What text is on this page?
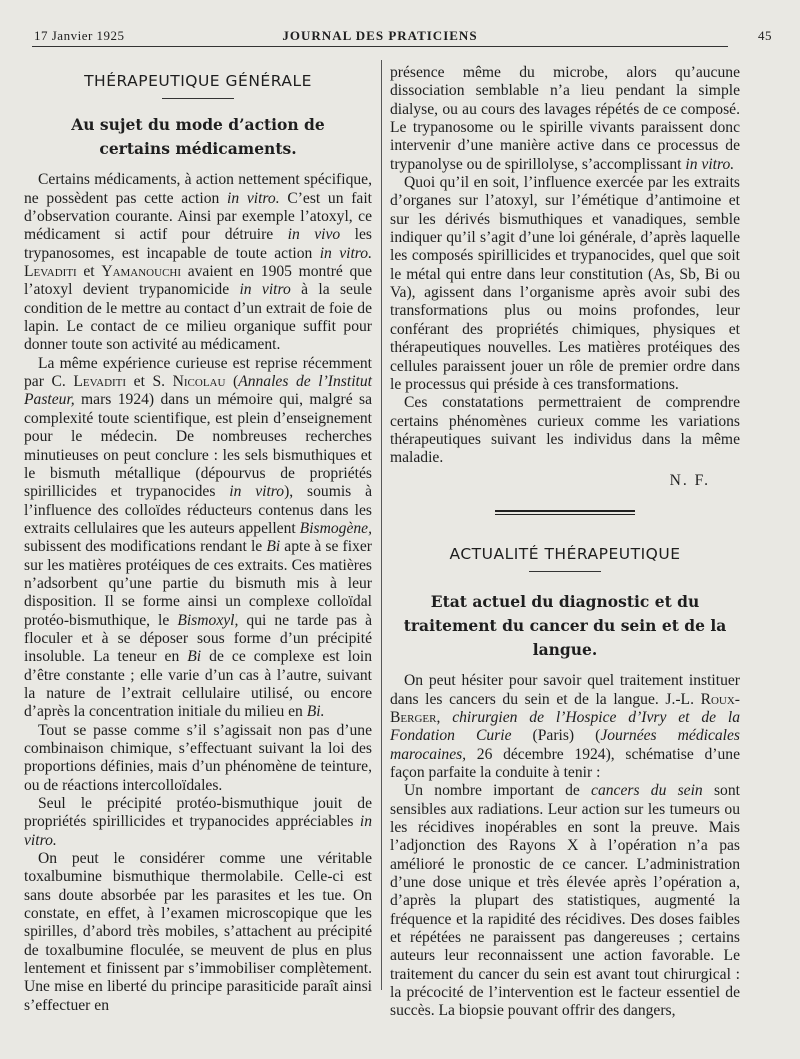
17 Janvier 1925	JOURNAL DES PRATICIENS	45
THÉRAPEUTIQUE GÉNÉRALE
Au sujet du mode d’action de certains médicaments.

Certains médicaments, à action nettement spécifique, ne possèdent pas cette action in vitro. C’est un fait d’observation courante. Ainsi par exemple l’atoxyl, ce médicament si actif pour détruire in vivo les trypanosomes, est incapable de toute action in vitro. Levaditi et Yamanouchi avaient en 1905 montré que l’atoxyl devient trypanomicide in vitro à la seule condition de le mettre au contact d’un extrait de foie de lapin. Le contact de ce milieu organique suffit pour donner toute son activité au médicament.

La même expérience curieuse est reprise récemment par C. Levaditi et S. Nicolau (Annales de l’Institut Pasteur, mars 1924) dans un mémoire qui, malgré sa complexité toute scientifique, est plein d’enseignement pour le médecin. De nombreuses recherches minutieuses on peut conclure : les sels bismuthiques et le bismuth métallique (dépourvus de propriétés spirillicides et trypanocides in vitro), soumis à l’influence des colloïdes réducteurs contenus dans les extraits cellulaires que les auteurs appellent Bismogène, subissent des modifications rendant le Bi apte à se fixer sur les matières protéiques de ces extraits. Ces matières n’adsorbent qu’une partie du bismuth mis à leur disposition. Il se forme ainsi un complexe colloïdal protéo-bismuthique, le Bismoxyl, qui ne tarde pas à floculer et à se déposer sous forme d’un précipité insoluble. La teneur en Bi de ce complexe est loin d’être constante ; elle varie d’un cas à l’autre, suivant la nature de l’extrait cellulaire utilisé, ou encore d’après la concentration initiale du milieu en Bi.

Tout se passe comme s’il s’agissait non pas d’une combinaison chimique, s’effectuant suivant la loi des proportions définies, mais d’un phénomène de teinture, ou de réactions intercolloïdales.

Seul le précipité protéo-bismuthique jouit de propriétés spirillicides et trypanocides appréciables in vitro.

On peut le considérer comme une véritable toxalbumine bismuthique thermolabile. Celle-ci est sans doute absorbée par les parasites et les tue. On constate, en effet, à l’examen microscopique que les spirilles, d’abord très mobiles, s’attachent au précipité de toxalbumine floculée, se meuvent de plus en plus lentement et finissent par s’immobiliser complètement. Une mise en liberté du principe parasiticide paraît ainsi s’effectuer en

présence même du microbe, alors qu’aucune dissociation semblable n’a lieu pendant la simple dialyse, ou au cours des lavages répétés de ce composé. Le trypanosome ou le spirille vivants paraissent donc intervenir d’une manière active dans ce processus de trypanolyse ou de spirillolyse, s’accomplissant in vitro.

Quoi qu’il en soit, l’influence exercée par les extraits d’organes sur l’atoxyl, sur l’émétique d’antimoine et sur les dérivés bismuthiques et vanadiques, semble indiquer qu’il s’agit d’une loi générale, d’après laquelle les composés spirillicides et trypanocides, quel que soit le métal qui entre dans leur constitution (As, Sb, Bi ou Va), agissent dans l’organisme après avoir subi des transformations plus ou moins profondes, leur conférant des propriétés chimiques, physiques et thérapeutiques nouvelles. Les matières protéiques des cellules paraissent jouer un rôle de premier ordre dans le processus qui préside à ces transformations.

Ces constatations permettraient de comprendre certains phénomènes curieux comme les variations thérapeutiques suivant les individus dans la même maladie.

N. F.
ACTUALITÉ THÉRAPEUTIQUE
Etat actuel du diagnostic et du traitement du cancer du sein et de la langue.

On peut hésiter pour savoir quel traitement instituer dans les cancers du sein et de la langue. J.-L. Roux-Berger, chirurgien de l’Hospice d’Ivry et de la Fondation Curie (Paris) (Journées médicales marocaines, 26 décembre 1924), schématise d’une façon parfaite la conduite à tenir :

Un nombre important de cancers du sein sont sensibles aux radiations. Leur action sur les tumeurs ou les récidives inopérables en sont la preuve. Mais l’adjonction des Rayons X à l’opération n’a pas amélioré le pronostic de ce cancer. L’administration d’une dose unique et très élevée après l’opération a, d’après la plupart des statistiques, augmenté la fréquence et la rapidité des récidives. Des doses faibles et répétées ne paraissent pas dangereuses ; certains auteurs leur reconnaissent une action favorable. Le traitement du cancer du sein est avant tout chirurgical : la précocité de l’intervention est le facteur essentiel de succès. La biopsie pouvant offrir des dangers,
